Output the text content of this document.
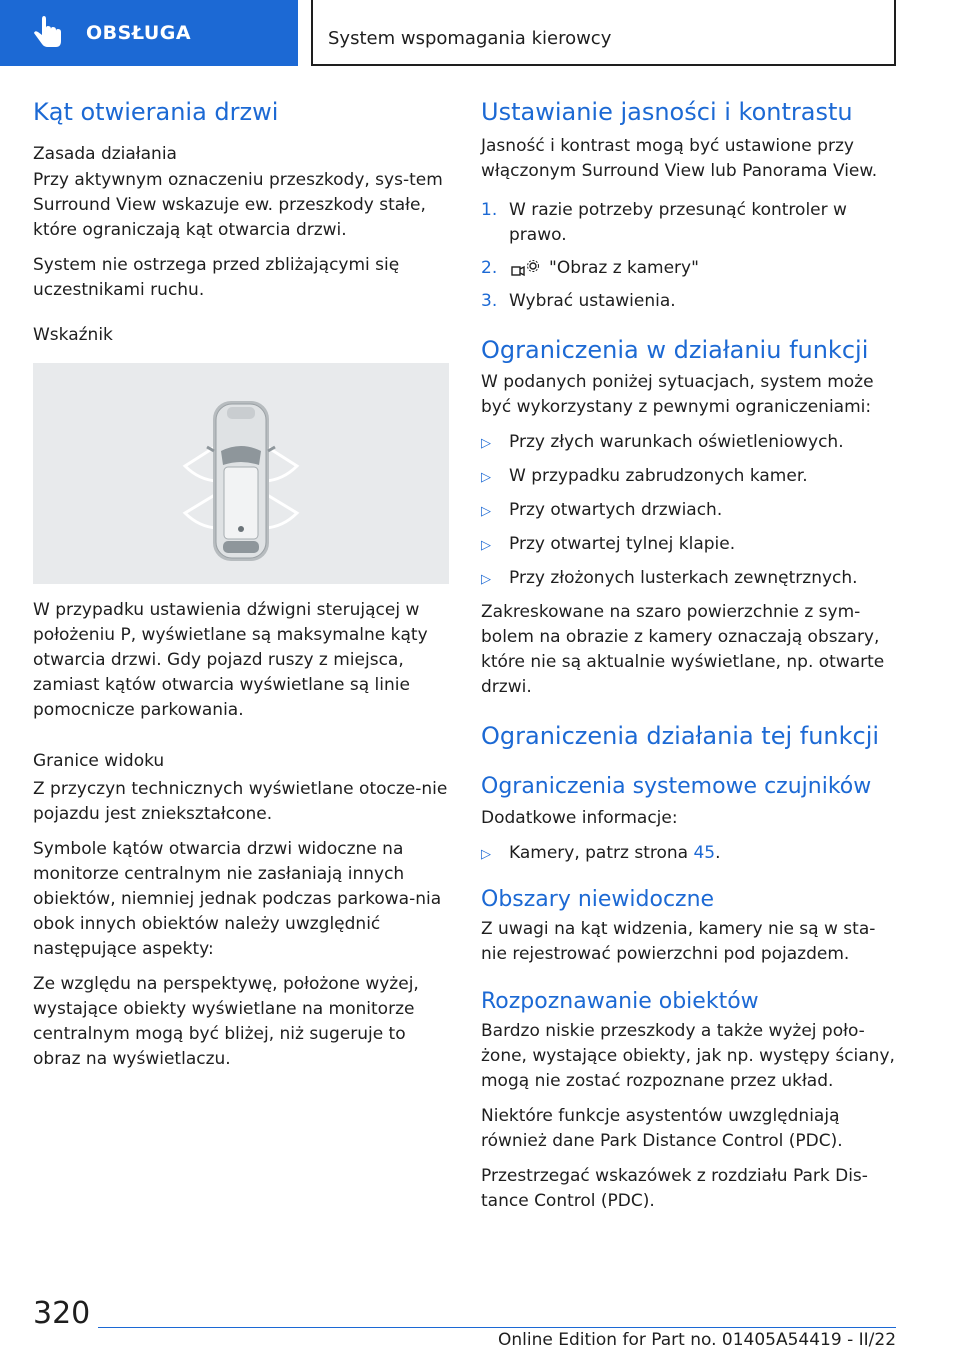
OBSŁUGA	System wspomagania kierowcy
Kąt otwierania drzwi
Zasada działania

Przy aktywnym oznaczeniu przeszkody, sys-tem Surround View wskazuje ew. przeszkody stałe, które ograniczają kąt otwarcia drzwi.

System nie ostrzega przed zbliżającymi się uczestnikami ruchu.

Wskaźnik

W przypadku ustawienia dźwigni sterującej w położeniu P, wyświetlane są maksymalne kąty otwarcia drzwi. Gdy pojazd ruszy z miejsca, zamiast kątów otwarcia wyświetlane są linie pomocnicze parkowania.

Granice widoku

Z przyczyn technicznych wyświetlane otocze-nie pojazdu jest zniekształcone.

Symbole kątów otwarcia drzwi widoczne na monitorze centralnym nie zasłaniają innych obiektów, niemniej jednak podczas parkowa-nia obok innych obiektów należy uwzględnić następujące aspekty:

Ze względu na perspektywę, położone wyżej, wystające obiekty wyświetlane na monitorze centralnym mogą być bliżej, niż sugeruje to obraz na wyświetlaczu.

Ustawianie jasności i kontrastu

Jasność i kontrast mogą być ustawione przy włączonym Surround View lub Panorama View.

1. W razie potrzeby przesunąć kontroler w prawo.
2.	"Obraz z kamery"
3. Wybrać ustawienia.
Ograniczenia w działaniu funkcji

W podanych poniżej sytuacjach, system może być wykorzystany z pewnymi ograniczeniami:

▷	Przy złych warunkach oświetleniowych.
▷	W przypadku zabrudzonych kamer.
▷	Przy otwartych drzwiach.
▷	Przy otwartej tylnej klapie.
▷	Przy złożonych lusterkach zewnętrznych.

Zakreskowane na szaro powierzchnie z sym-bolem na obrazie z kamery oznaczają obszary, które nie są aktualnie wyświetlane, np. otwarte drzwi.

Ograniczenia działania tej funkcji
Ograniczenia systemowe czujników

Dodatkowe informacje:

▷	Kamery, patrz strona 45.
Obszary niewidoczne

Z uwagi na kąt widzenia, kamery nie są w sta-nie rejestrować powierzchni pod pojazdem.

Rozpoznawanie obiektów

Bardzo niskie przeszkody a także wyżej poło-żone, wystające obiekty, jak np. występy ściany, mogą nie zostać rozpoznane przez układ.

Niektóre funkcje asystentów uwzględniają również dane Park Distance Control (PDC).

Przestrzegać wskazówek z rozdziału Park Dis-tance Control (PDC).

320
Online Edition for Part no. 01405A54419 - II/22
